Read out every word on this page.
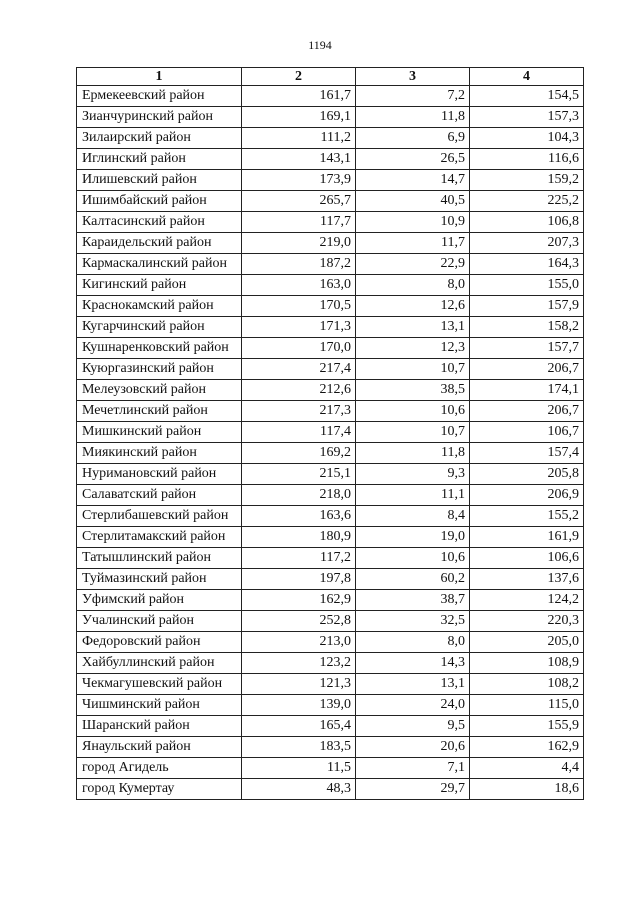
1194
1	2	3	4
Ермекеевский район	161,7	7,2	154,5
Зианчуринский район	169,1	11,8	157,3
Зилаирский район	111,2	6,9	104,3
Иглинский район	143,1	26,5	116,6
Илишевский район	173,9	14,7	159,2
Ишимбайский район	265,7	40,5	225,2
Калтасинский район	117,7	10,9	106,8
Караидельский район	219,0	11,7	207,3
Кармаскалинский район	187,2	22,9	164,3
Кигинский район	163,0	8,0	155,0
Краснокамский район	170,5	12,6	157,9
Кугарчинский район	171,3	13,1	158,2
Кушнаренковский район	170,0	12,3	157,7
Куюргазинский район	217,4	10,7	206,7
Мелеузовский район	212,6	38,5	174,1
Мечетлинский район	217,3	10,6	206,7
Мишкинский район	117,4	10,7	106,7
Миякинский район	169,2	11,8	157,4
Нуримановский район	215,1	9,3	205,8
Салаватский район	218,0	11,1	206,9
Стерлибашевский район	163,6	8,4	155,2
Стерлитамакский район	180,9	19,0	161,9
Татышлинский район	117,2	10,6	106,6
Туймазинский район	197,8	60,2	137,6
Уфимский район	162,9	38,7	124,2
Учалинский район	252,8	32,5	220,3
Федоровский район	213,0	8,0	205,0
Хайбуллинский район	123,2	14,3	108,9
Чекмагушевский район	121,3	13,1	108,2
Чишминский район	139,0	24,0	115,0
Шаранский район	165,4	9,5	155,9
Янаульский район	183,5	20,6	162,9
город Агидель	11,5	7,1	4,4
город Кумертау	48,3	29,7	18,6
